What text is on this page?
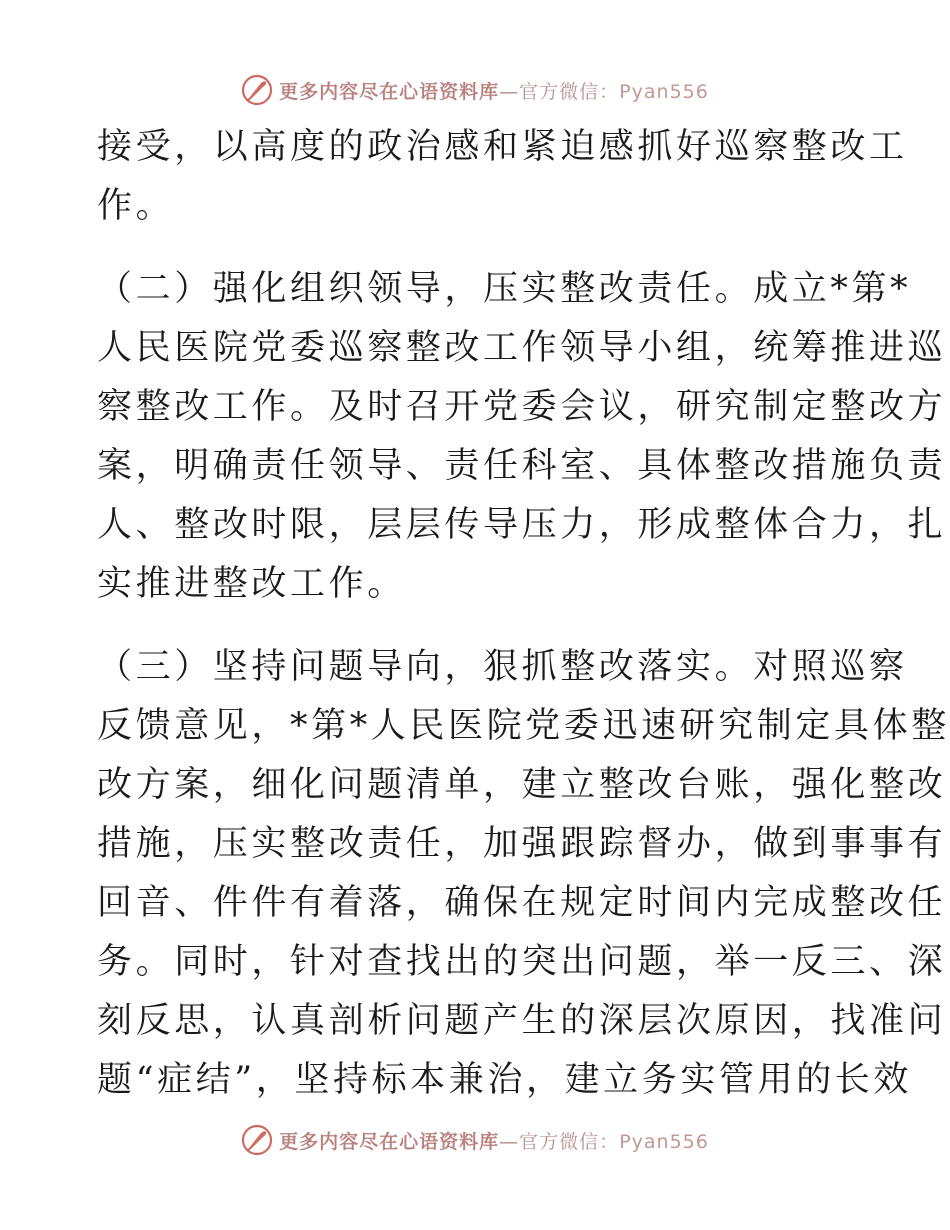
更多内容尽在心语资料库—官方微信：Pyan556
接受，以高度的政治感和紧迫感抓好巡察整改工
作。
（二）强化组织领导，压实整改责任。成立*第*
人民医院党委巡察整改工作领导小组，统筹推进巡
察整改工作。及时召开党委会议，研究制定整改方
案，明确责任领导、责任科室、具体整改措施负责
人、整改时限，层层传导压力，形成整体合力，扎
实推进整改工作。
（三）坚持问题导向，狠抓整改落实。对照巡察
反馈意见，*第*人民医院党委迅速研究制定具体整
改方案，细化问题清单，建立整改台账，强化整改
措施，压实整改责任，加强跟踪督办，做到事事有
回音、件件有着落，确保在规定时间内完成整改任
务。同时，针对查找出的突出问题，举一反三、深
刻反思，认真剖析问题产生的深层次原因，找准问
题“症结”，坚持标本兼治，建立务实管用的长效
更多内容尽在心语资料库—官方微信：Pyan556
